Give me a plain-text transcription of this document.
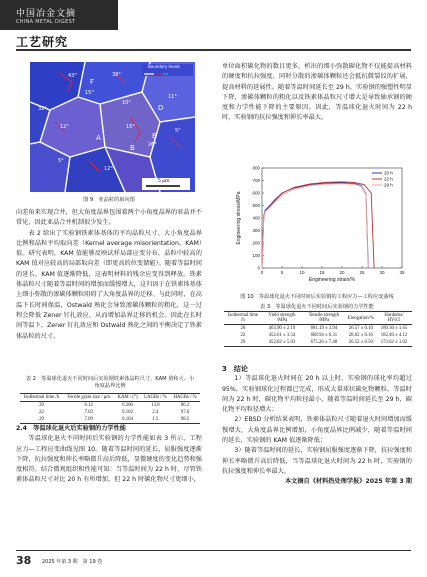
中国冶金文摘
CHINA METAL DIGEST
工艺研究
Boundary levels
5 μm
43°	38°
15°
11°
10°
32°
12°	15°
26°
5°
5°
12°
F
D
A
B
E
图 9　亚晶粒的取向图

向差角来实现合并，但大角度晶界包围着两个小角度晶界的亚晶并不常见，因此亚晶合并机制很少发生。

表 2 给出了实验钢铁素体基体的平均晶粒尺寸、大小角度晶界比例和晶粒平均取向差（Kernel average misorientation，KAM）值。研究表明，KAM 值能够反映试样局部应变分布，晶粒中较高的 KAM 值对应较高的局部取向差（即更高的位变储能）。随着等温时间的延长，KAM 值逐渐降低，这表明材料的残余应变得到释放。铁素体晶粒尺寸随着等温时间的增加而缓慢增大，这归因于在铁素体基体上细小弥散的渗碳体颗粒阻碍了大角度晶界的迁移。与此同时，在高温下长时间保温，Ostwald 熟化会导致渗碳体颗粒的粗化，这一过程会降低 Zener 钉扎效应，从而增加晶界迁移的机会。因此在长时间等温下，Zener 钉扎效应和 Ostwald 熟化之间的平衡决定了铁素体晶粒的尺寸。

表 2　等温球化退火不同时间后实验钢铁素体晶粒尺寸、KAM 值和大、小角度晶界比例
Isothermal time /h	Ferrite grain size / μm	KAM / (°)	LAGBs / %	HAGBs / %
20	6.12	0.206	13.8	86.2
22	7.03	0.162	2.4	97.6
29	7.09	0.104	1.5	98.5

2.4　等温球化退火后实验钢的力学性能

等温球化退火不同时间后实验钢的力学性能如表 3 所示，工程应力—工程应变曲线见图 10。随着等温时间的延长，屈服强度逐渐下降，抗拉强度和伸长率略微升高后降低，显微硬度的变化趋势和强度相符。结合微观组织和性能可知：当等温时间为 22 h 时，尽管铁素体晶粒尺寸对比 20 h 有所增加，但 22 h 时碳化物尺寸更细小，

单位面积碳化物的数目更多，析出的细小弥散碳化物不仅能提高材料的硬度和抗拉强度，同时分散的渗碳体颗粒还会抵抗微裂纹的扩展，提高材料的延展性。随着等温时间延长至 29 h，实验钢的强塑性明显下降，渗碳体颗粒的粗化以及铁素体晶粒尺寸增大是导致轴承钢的硬度和力学性能下降的主要原因。因此，等温球化退火时间为 22 h 时，实验钢的抗拉强度和伸长率最大。

0	5	10	15	20	25	30	35
0
100
200
300
400
500
600
700
800
20 h
22 h
29 h
Engineering strain/%
Engineering stress/MPa
图 10　等温球化退火不同时间后实验钢的工程应力—工程应变曲线
表 3　等温球化退火不同时间后实验钢的力学性能
Isothermal time /h	Yield strength /MPa	Tensile strength /MPa	Elongation/%	Hardness/ HV0.5
20	463.90 ± 2.19	681.19 ± 3.94	26.57 ± 0.10	180.30 ± 1.65
22	452.61 ± 3.54	688.94 ± 6.31	28.02 ± 0.16	182.40 ± 4.12
29	452.02 ± 5.03	675.26 ± 7.48	26.52 ± 0.50	173.62 ± 1.02

3　结论

1）等温球化退火时间在 20 h 以上时，实验钢的球化率均超过 95%，实验钢球化过程都已完成，形成大量球状碳化物颗粒。等温时间为 22 h 时，碳化物平均粒径最小，随着等温时间延长至 29 h，碳化物平均粒径增大；

2）EBSD 分析结果表明，铁素体晶粒尺寸随着退火时间增加而缓慢增大，大角度晶界比例增加，小角度晶界比例减少，随着等温时间的延长，实验钢的 KAM 值逐渐降低；

3）随着等温时间的延长，实验钢屈服强度逐渐下降，抗拉强度和伸长率略微升高后降低，当等温球化退火时间为 22 h 时，实验钢的抗拉强度和伸长率最大。

本文摘自《材料热处理学报》2025 年第 3 期

38 2025 年第 3 期　第 19 卷
